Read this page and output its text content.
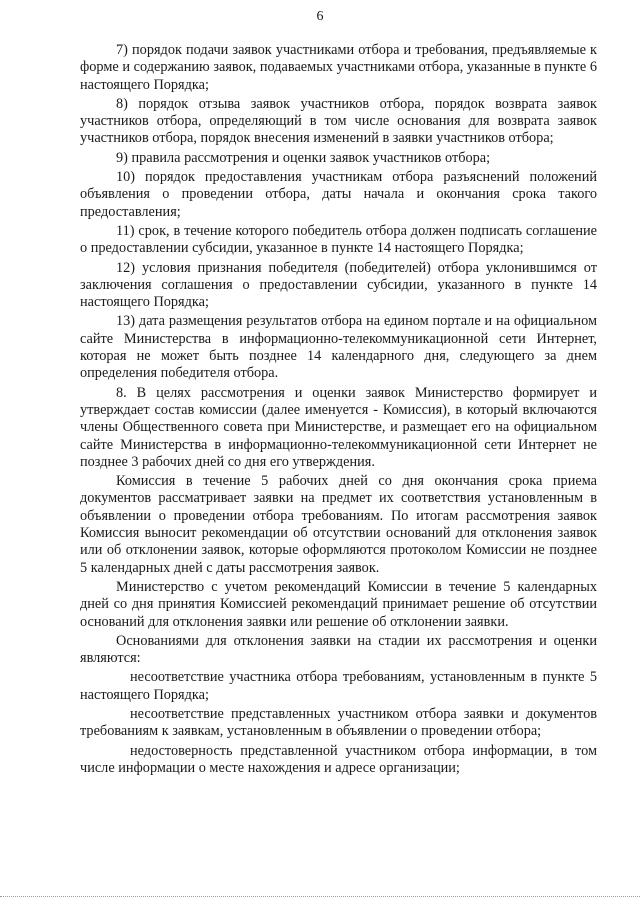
6

7) порядок подачи заявок участниками отбора и требования, предъявляемые к форме и содержанию заявок, подаваемых участниками отбора, указанные в пункте 6 настоящего Порядка;

8) порядок отзыва заявок участников отбора, порядок возврата заявок участников отбора, определяющий в том числе основания для возврата заявок участников отбора, порядок внесения изменений в заявки участников отбора;

9) правила рассмотрения и оценки заявок участников отбора;

10) порядок предоставления участникам отбора разъяснений положений объявления о проведении отбора, даты начала и окончания срока такого предоставления;

11) срок, в течение которого победитель отбора должен подписать соглашение о предоставлении субсидии, указанное в пункте 14 настоящего Порядка;

12) условия признания победителя (победителей) отбора уклонившимся от заключения соглашения о предоставлении субсидии, указанного в пункте 14 настоящего Порядка;

13) дата размещения результатов отбора на едином портале и на официальном сайте Министерства в информационно-телекоммуникационной сети Интернет, которая не может быть позднее 14 календарного дня, следующего за днем определения победителя отбора.

8. В целях рассмотрения и оценки заявок Министерство формирует и утверждает состав комиссии (далее именуется - Комиссия), в который включаются члены Общественного совета при Министерстве, и размещает его на официальном сайте Министерства в информационно-телекоммуникационной сети Интернет не позднее 3 рабочих дней со дня его утверждения.

Комиссия в течение 5 рабочих дней со дня окончания срока приема документов рассматривает заявки на предмет их соответствия установленным в объявлении о проведении отбора требованиям. По итогам рассмотрения заявок Комиссия выносит рекомендации об отсутствии оснований для отклонения заявок или об отклонении заявок, которые оформляются протоколом Комиссии не позднее 5 календарных дней с даты рассмотрения заявок.

Министерство с учетом рекомендаций Комиссии в течение 5 календарных дней со дня принятия Комиссией рекомендаций принимает решение об отсутствии оснований для отклонения заявки или решение об отклонении заявки.

Основаниями для отклонения заявки на стадии их рассмотрения и оценки являются:

несоответствие участника отбора требованиям, установленным в пункте 5 настоящего Порядка;

несоответствие представленных участником отбора заявки и документов требованиям к заявкам, установленным в объявлении о проведении отбора;

недостоверность представленной участником отбора информации, в том числе информации о месте нахождения и адресе организации;
